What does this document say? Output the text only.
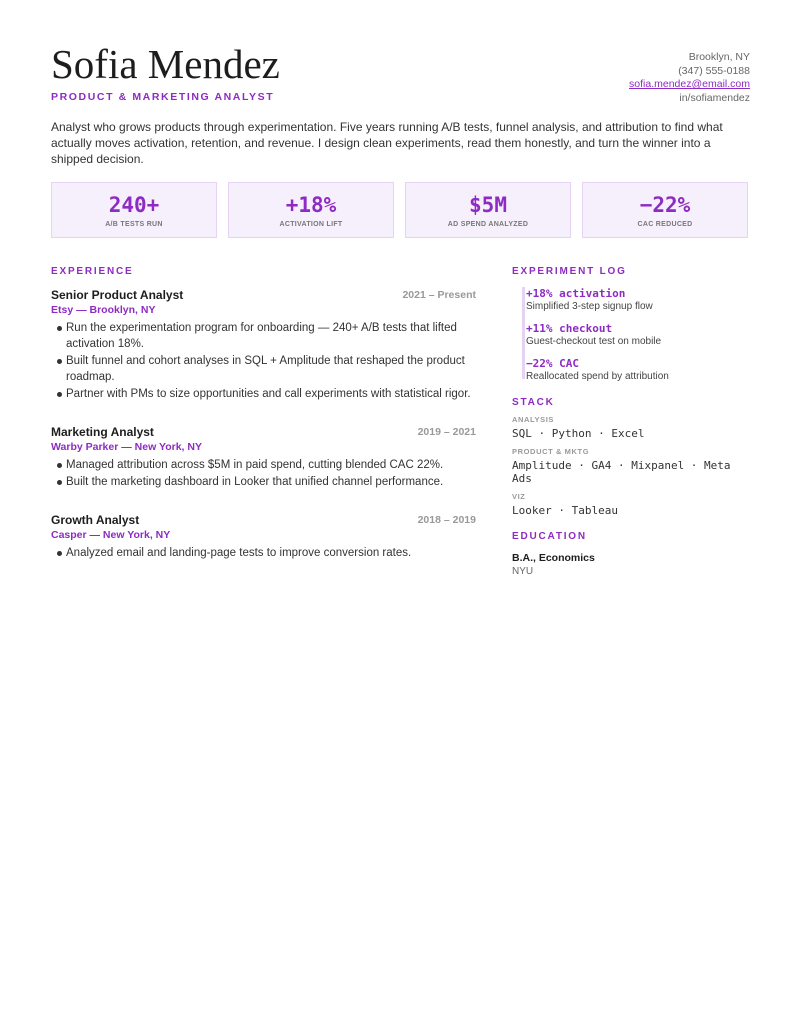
Sofia Mendez
PRODUCT & MARKETING ANALYST
Brooklyn, NY
(347) 555-0188
sofia.mendez@email.com
in/sofiamendez
Analyst who grows products through experimentation. Five years running A/B tests, funnel analysis, and attribution to find what actually moves activation, retention, and revenue. I design clean experiments, read them honestly, and turn the winner into a shipped decision.
240+
A/B TESTS RUN
+18%
ACTIVATION LIFT
$5M
AD SPEND ANALYZED
−22%
CAC REDUCED
EXPERIENCE
Senior Product Analyst	2021 – Present
Etsy — Brooklyn, NY
Run the experimentation program for onboarding — 240+ A/B tests that lifted activation 18%.
Built funnel and cohort analyses in SQL + Amplitude that reshaped the product roadmap.
Partner with PMs to size opportunities and call experiments with statistical rigor.
Marketing Analyst	2019 – 2021
Warby Parker — New York, NY
Managed attribution across $5M in paid spend, cutting blended CAC 22%.
Built the marketing dashboard in Looker that unified channel performance.
Growth Analyst	2018 – 2019
Casper — New York, NY
Analyzed email and landing-page tests to improve conversion rates.
EXPERIMENT LOG
+18% activation
Simplified 3-step signup flow
+11% checkout
Guest-checkout test on mobile
−22% CAC
Reallocated spend by attribution
STACK
ANALYSIS
SQL · Python · Excel
PRODUCT & MKTG
Amplitude · GA4 · Mixpanel · Meta Ads
VIZ
Looker · Tableau
EDUCATION
B.A., Economics
NYU
